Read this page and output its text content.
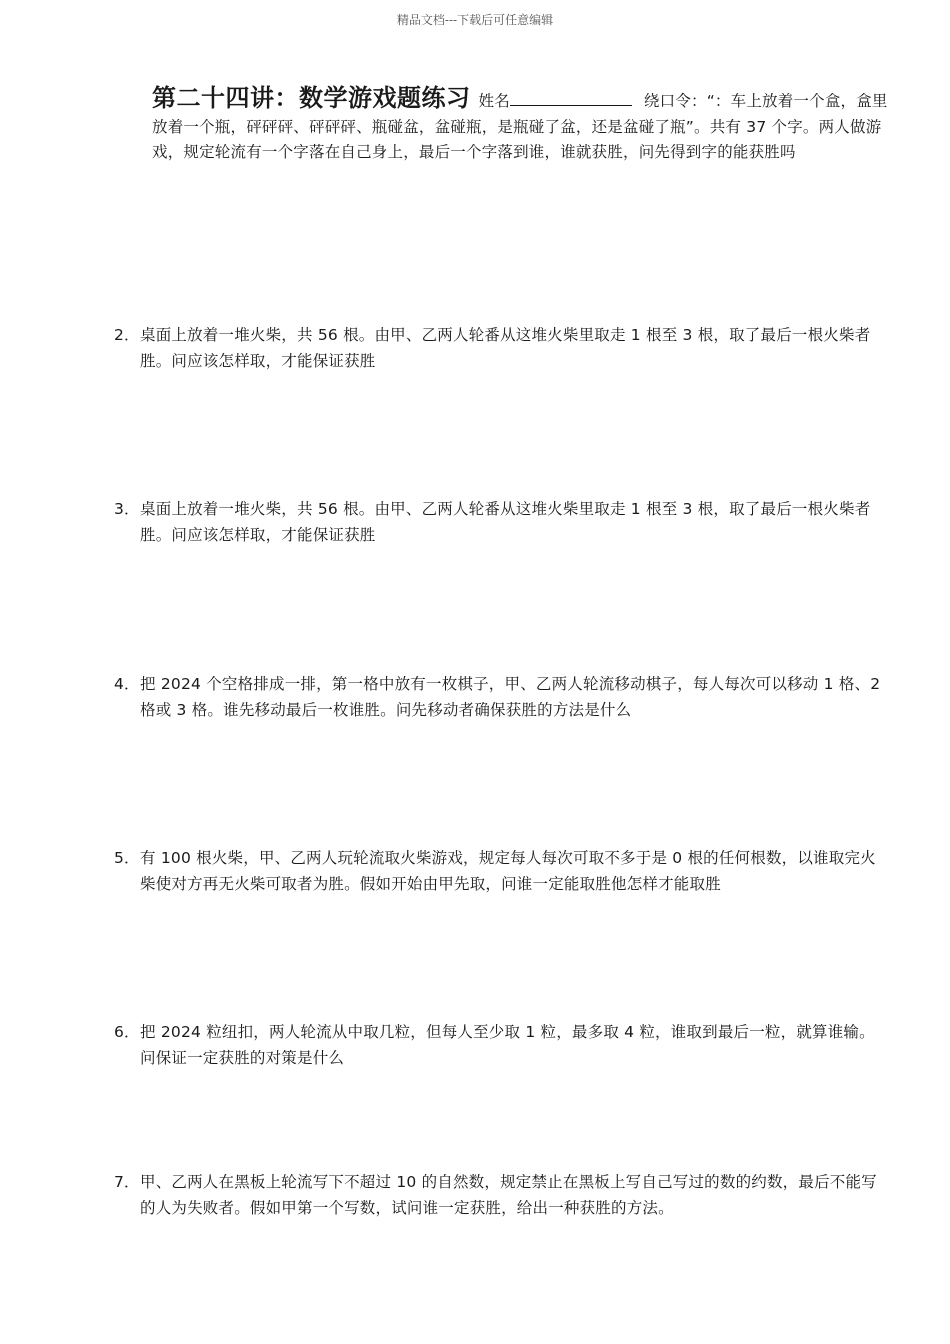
精品文档---下载后可任意编辑
第二十四讲：数学游戏题练习 姓名	绕口令：“：车上放着一个盒，盒里放着一个瓶，砰砰砰、砰砰砰、瓶碰盆，盆碰瓶，是瓶碰了盆，还是盆碰了瓶”。共有 37 个字。两人做游戏，规定轮流有一个字落在自己身上，最后一个字落到谁，谁就获胜，问先得到字的能获胜吗
2． 桌面上放着一堆火柴，共 56 根。由甲、乙两人轮番从这堆火柴里取走 1 根至 3 根，取了最后一根火柴者胜。问应该怎样取，才能保证获胜
3． 桌面上放着一堆火柴，共 56 根。由甲、乙两人轮番从这堆火柴里取走 1 根至 3 根，取了最后一根火柴者胜。问应该怎样取，才能保证获胜
4． 把 2024 个空格排成一排，第一格中放有一枚棋子，甲、乙两人轮流移动棋子，每人每次可以移动 1 格、2 格或 3 格。谁先移动最后一枚谁胜。问先移动者确保获胜的方法是什么
5． 有 100 根火柴，甲、乙两人玩轮流取火柴游戏，规定每人每次可取不多于是 0 根的任何根数，以谁取完火柴使对方再无火柴可取者为胜。假如开始由甲先取，问谁一定能取胜他怎样才能取胜
6． 把 2024 粒纽扣，两人轮流从中取几粒，但每人至少取 1 粒，最多取 4 粒，谁取到最后一粒，就算谁输。问保证一定获胜的对策是什么
7． 甲、乙两人在黑板上轮流写下不超过 10 的自然数，规定禁止在黑板上写自己写过的数的约数，最后不能写的人为失败者。假如甲第一个写数，试问谁一定获胜，给出一种获胜的方法。
